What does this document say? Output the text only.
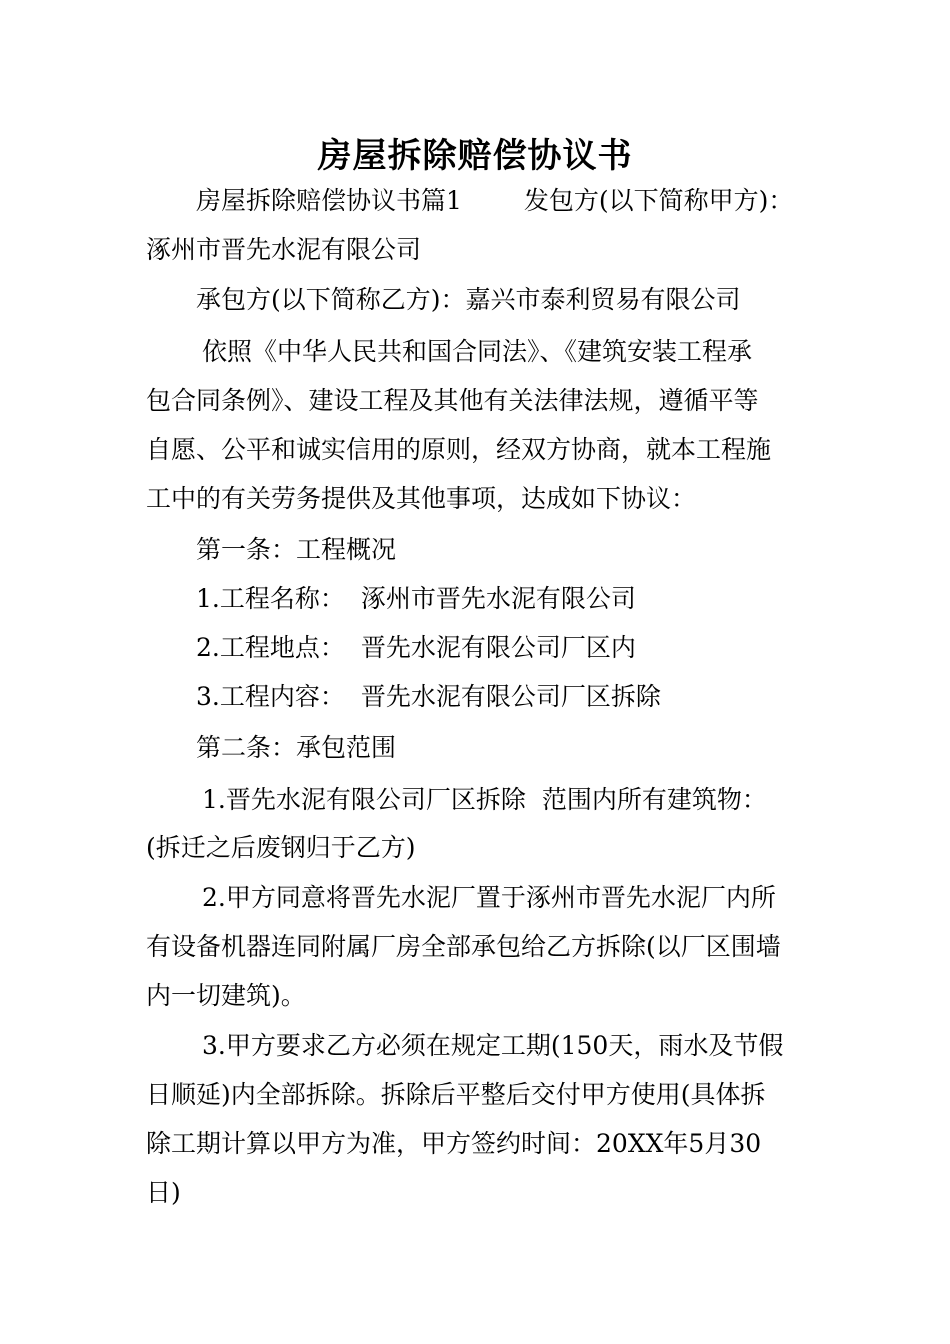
房屋拆除赔偿协议书
房屋拆除赔偿协议书篇1 发包方(以下简称甲方)：
涿州市晋先水泥有限公司
承包方(以下简称乙方)：嘉兴市泰利贸易有限公司
依照《中华人民共和国合同法》、《建筑安装工程承
包合同条例》、建设工程及其他有关法律法规，遵循平等
自愿、公平和诚实信用的原则，经双方协商，就本工程施
工中的有关劳务提供及其他事项，达成如下协议：
第一条：工程概况
1.工程名称： 涿州市晋先水泥有限公司
2.工程地点： 晋先水泥有限公司厂区内
3.工程内容： 晋先水泥有限公司厂区拆除
第二条：承包范围
1.晋先水泥有限公司厂区拆除 范围内所有建筑物：
(拆迁之后废钢归于乙方)
2.甲方同意将晋先水泥厂置于涿州市晋先水泥厂内所
有设备机器连同附属厂房全部承包给乙方拆除(以厂区围墙
内一切建筑)。
3.甲方要求乙方必须在规定工期(150天，雨水及节假
日顺延)内全部拆除。拆除后平整后交付甲方使用(具体拆
除工期计算以甲方为准，甲方签约时间：20XX年5月30
日)
